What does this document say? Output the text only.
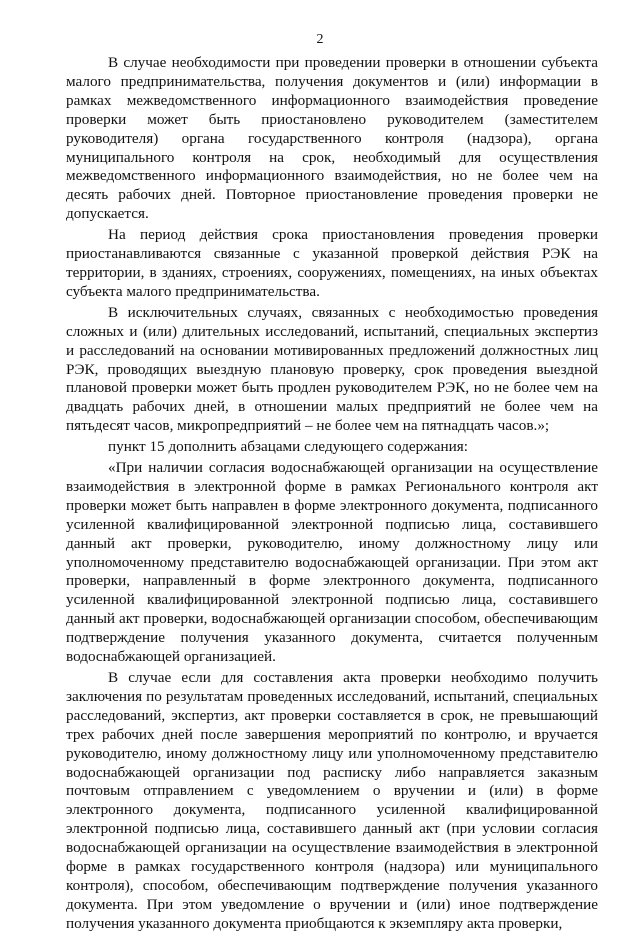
2

В случае необходимости при проведении проверки в отношении субъекта малого предпринимательства, получения документов и (или) информации в рамках межведомственного информационного взаимодействия проведение проверки может быть приостановлено руководителем (заместителем руководителя) органа государственного контроля (надзора), органа муниципального контроля на срок, необходимый для осуществления межведомственного информационного взаимодействия, но не более чем на десять рабочих дней. Повторное приостановление проведения проверки не допускается.

На период действия срока приостановления проведения проверки приостанавливаются связанные с указанной проверкой действия РЭК на территории, в зданиях, строениях, сооружениях, помещениях, на иных объектах субъекта малого предпринимательства.

В исключительных случаях, связанных с необходимостью проведения сложных и (или) длительных исследований, испытаний, специальных экспертиз и расследований на основании мотивированных предложений должностных лиц РЭК, проводящих выездную плановую проверку, срок проведения выездной плановой проверки может быть продлен руководителем РЭК, но не более чем на двадцать рабочих дней, в отношении малых предприятий не более чем на пятьдесят часов, микропредприятий – не более чем на пятнадцать часов.»;

пункт 15 дополнить абзацами следующего содержания:

«При наличии согласия водоснабжающей организации на осуществление взаимодействия в электронной форме в рамках Регионального контроля акт проверки может быть направлен в форме электронного документа, подписанного усиленной квалифицированной электронной подписью лица, составившего данный акт проверки, руководителю, иному должностному лицу или уполномоченному представителю водоснабжающей организации. При этом акт проверки, направленный в форме электронного документа, подписанного усиленной квалифицированной электронной подписью лица, составившего данный акт проверки, водоснабжающей организации способом, обеспечивающим подтверждение получения указанного документа, считается полученным водоснабжающей организацией.

В случае если для составления акта проверки необходимо получить заключения по результатам проведенных исследований, испытаний, специальных расследований, экспертиз, акт проверки составляется в срок, не превышающий трех рабочих дней после завершения мероприятий по контролю, и вручается руководителю, иному должностному лицу или уполномоченному представителю водоснабжающей организации под расписку либо направляется заказным почтовым отправлением с уведомлением о вручении и (или) в форме электронного документа, подписанного усиленной квалифицированной электронной подписью лица, составившего данный акт (при условии согласия водоснабжающей организации на осуществление взаимодействия в электронной форме в рамках государственного контроля (надзора) или муниципального контроля), способом, обеспечивающим подтверждение получения указанного документа. При этом уведомление о вручении и (или) иное подтверждение получения указанного документа приобщаются к экземпляру акта проверки,
